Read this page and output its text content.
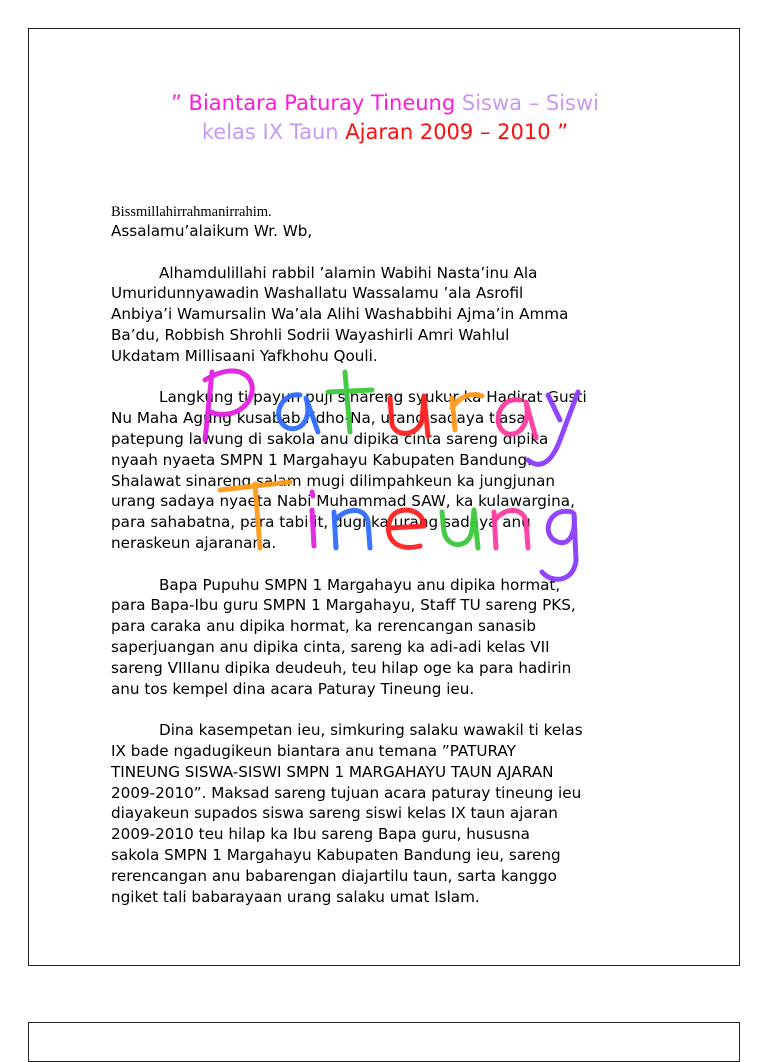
” Biantara Paturay Tineung Siswa – Siswi
kelas IX Taun Ajaran 2009 – 2010 ”

Bissmillahirrahmanirrahim.

Assalamu’alaikum Wr. Wb,

Alhamdulillahi rabbil ’alamin Wabihi Nasta’inu Ala
Umuridunnyawadin Washallatu Wassalamu ’ala Asrofil
Anbiya’i Wamursalin Wa’ala Alihi Washabbihi Ajma’in Amma
Ba’du, Robbish Shrohli Sodrii Wayashirli Amri Wahlul
Ukdatam Millisaani Yafkhohu Qouli.
Langkung ti payun puji sinareng syukur ka Hadirat Gusti
Nu Maha Agung kusabab ridho-Na, urang sadaya tiasa
patepung lawung di sakola anu dipika cinta sareng dipika
nyaah nyaeta SMPN 1 Margahayu Kabupaten Bandung.
Shalawat sinareng salam mugi dilimpahkeun ka jungjunan
urang sadaya nyaeta Nabi Muhammad SAW, ka kulawargina,
para sahabatna, para tabi’it, dugi ka urang sadaya anu
neraskeun ajaranana.
Bapa Pupuhu SMPN 1 Margahayu anu dipika hormat,
para Bapa-Ibu guru SMPN 1 Margahayu, Staff TU sareng PKS,
para caraka anu dipika hormat, ka rerencangan sanasib
saperjuangan anu dipika cinta, sareng ka adi-adi kelas VII
sareng VIIIanu dipika deudeuh, teu hilap oge ka para hadirin
anu tos kempel dina acara Paturay Tineung ieu.
Dina kasempetan ieu, simkuring salaku wawakil ti kelas
IX bade ngadugikeun biantara anu temana ”PATURAY
TINEUNG SISWA-SISWI SMPN 1 MARGAHAYU TAUN AJARAN
2009-2010”. Maksad sareng tujuan acara paturay tineung ieu
diayakeun supados siswa sareng siswi kelas IX taun ajaran
2009-2010 teu hilap ka Ibu sareng Bapa guru, hususna
sakola SMPN 1 Margahayu Kabupaten Bandung ieu, sareng
rerencangan anu babarengan diajartilu taun, sarta kanggo
ngiket tali babarayaan urang salaku umat Islam.
